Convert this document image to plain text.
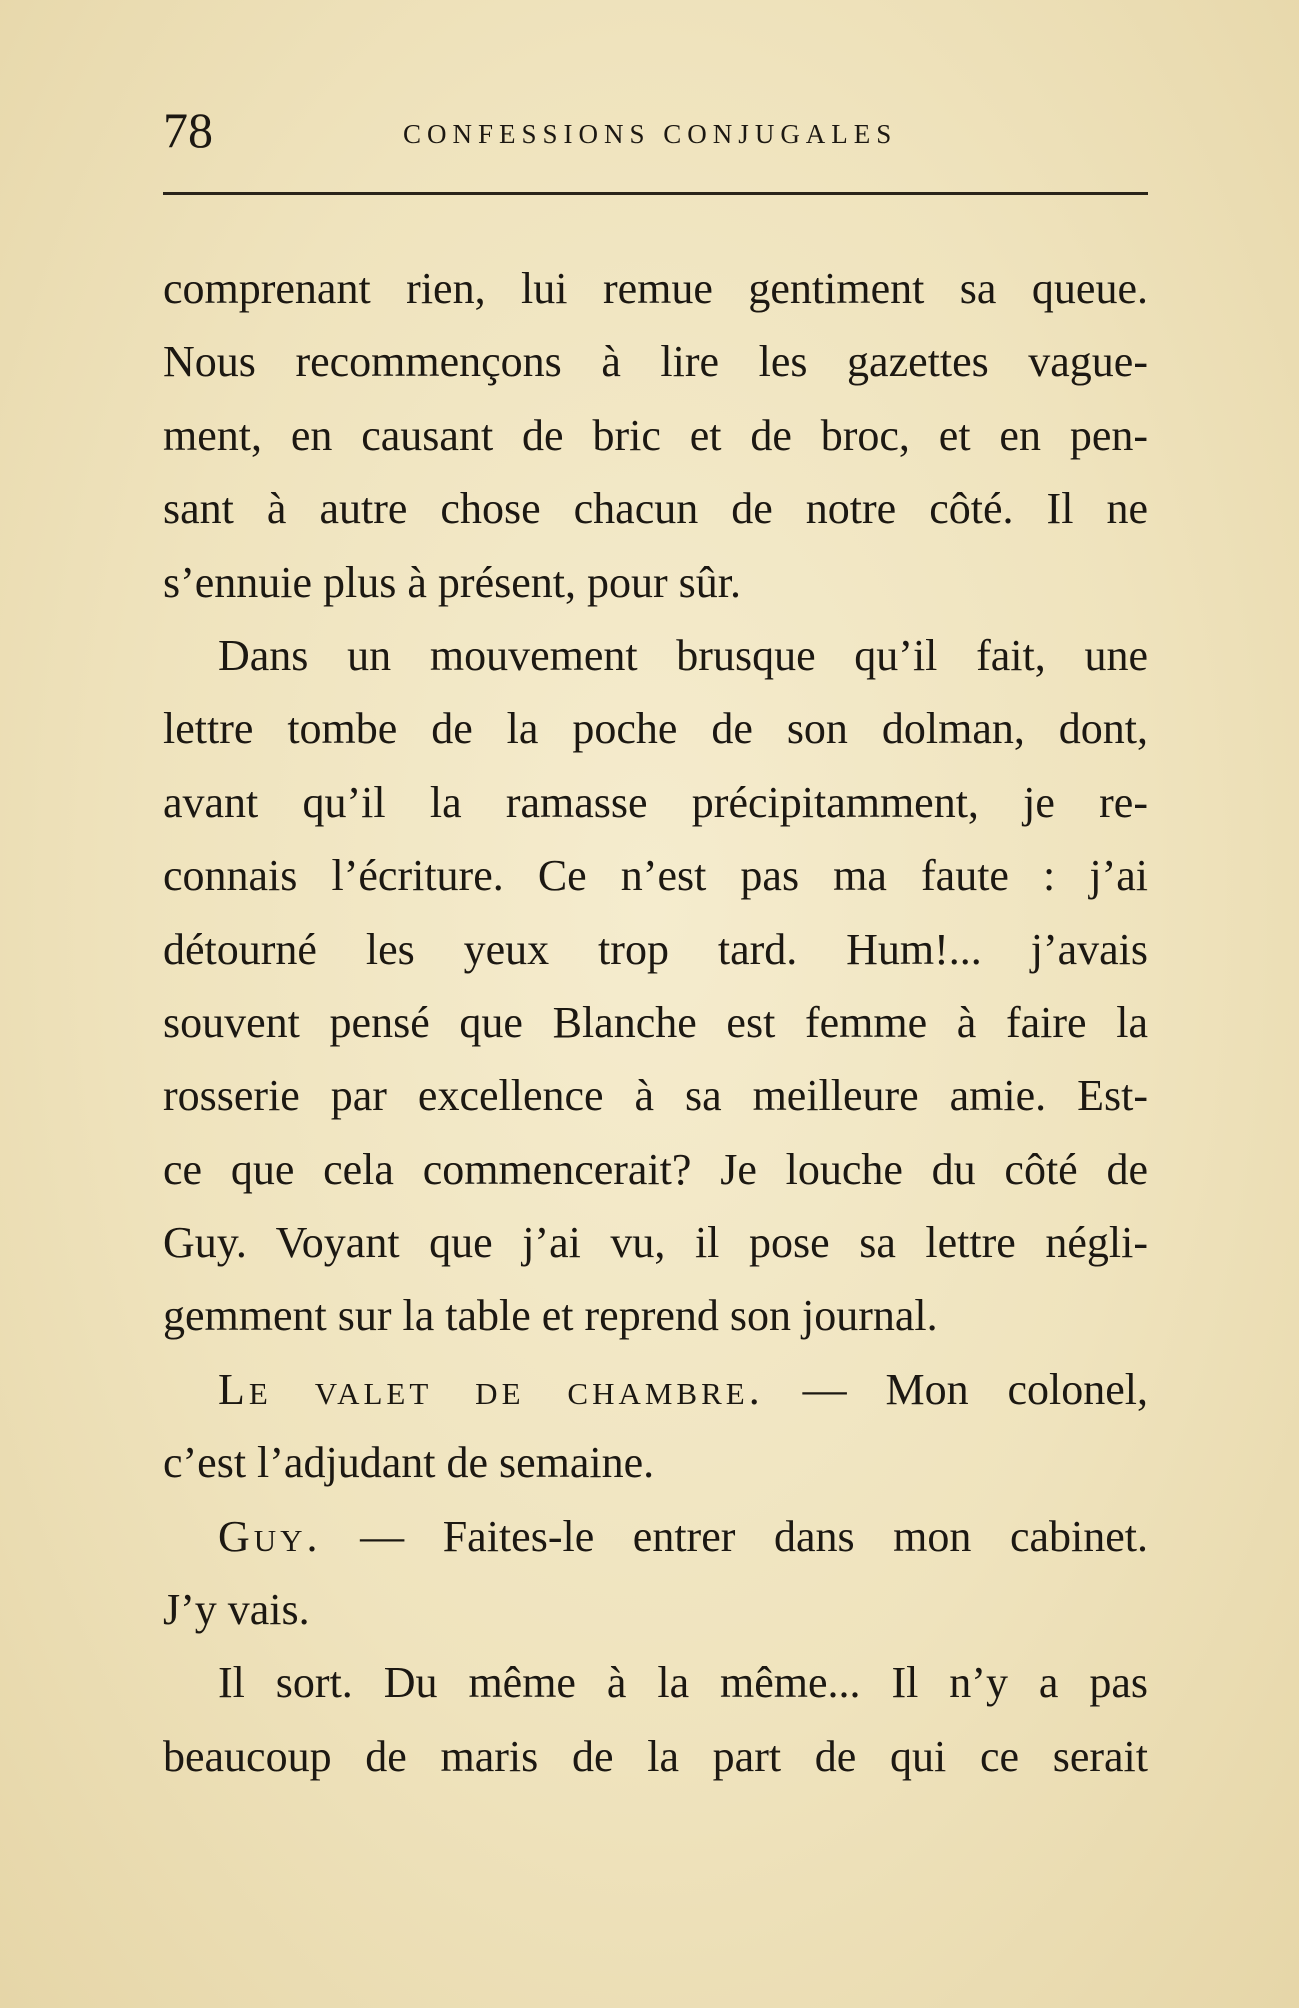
78	CONFESSIONS CONJUGALES
comprenant rien, lui remue gentiment sa queue.
Nous recommençons à lire les gazettes vague-
ment, en causant de bric et de broc, et en pen-
sant à autre chose chacun de notre côté. Il ne
s’ennuie plus à présent, pour sûr.
Dans un mouvement brusque qu’il fait, une
lettre tombe de la poche de son dolman, dont,
avant qu’il la ramasse précipitamment, je re-
connais l’écriture. Ce n’est pas ma faute : j’ai
détourné les yeux trop tard. Hum!... j’avais
souvent pensé que Blanche est femme à faire la
rosserie par excellence à sa meilleure amie. Est-
ce que cela commencerait? Je louche du côté de
Guy. Voyant que j’ai vu, il pose sa lettre négli-
gemment sur la table et reprend son journal.
Le valet de chambre. — Mon colonel,
c’est l’adjudant de semaine.
Guy. — Faites-le entrer dans mon cabinet.
J’y vais.
Il sort. Du même à la même... Il n’y a pas
beaucoup de maris de la part de qui ce serait
